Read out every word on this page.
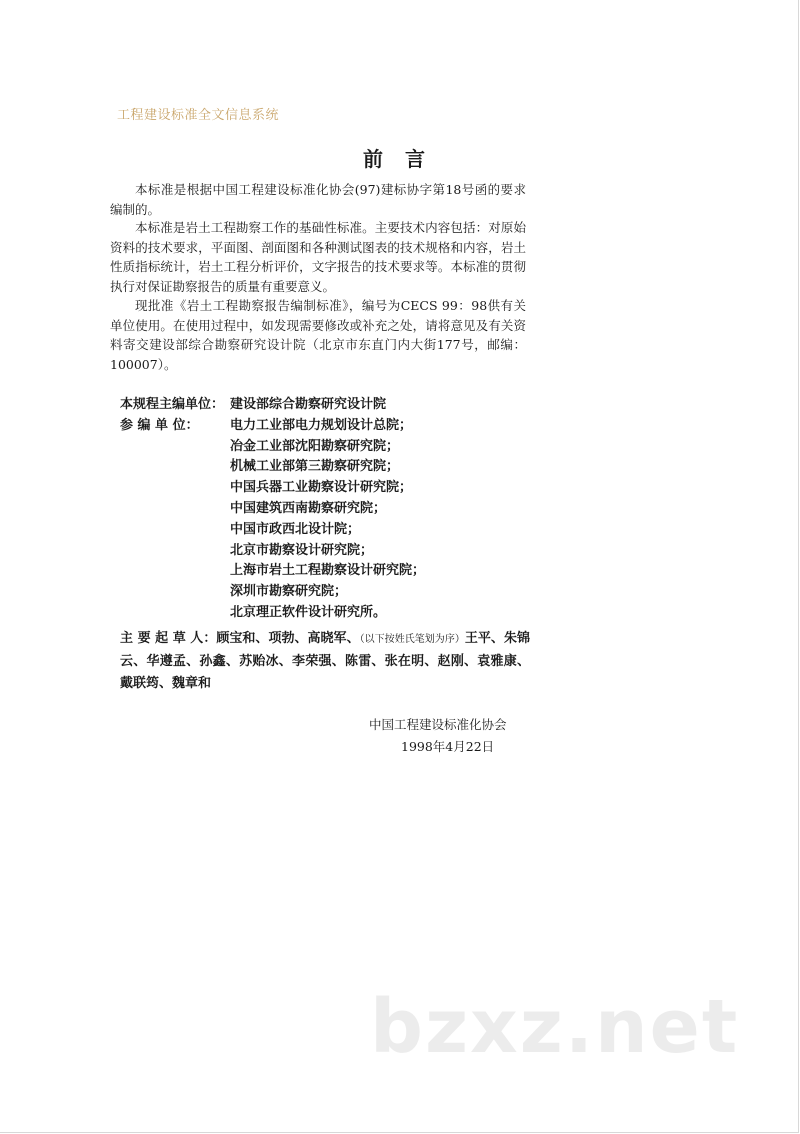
工程建设标准全文信息系统
前言

本标准是根据中国工程建设标准化协会(97)建标协字第18号函的要求编制的。

本标准是岩土工程勘察工作的基础性标准。主要技术内容包括：对原始资料的技术要求，平面图、剖面图和各种测试图表的技术规格和内容，岩土性质指标统计，岩土工程分析评价，文字报告的技术要求等。本标准的贯彻执行对保证勘察报告的质量有重要意义。

现批准《岩土工程勘察报告编制标准》，编号为CECS 99：98供有关单位使用。在使用过程中，如发现需要修改或补充之处，请将意见及有关资料寄交建设部综合勘察研究设计院（北京市东直门内大街177号，邮编：100007）。

本规程主编单位： 建设部综合勘察研究设计院
参 编 单 位： 电力工业部电力规划设计总院；
冶金工业部沈阳勘察研究院；
机械工业部第三勘察研究院；
中国兵器工业勘察设计研究院；
中国建筑西南勘察研究院；
中国市政西北设计院；
北京市勘察设计研究院；
上海市岩土工程勘察设计研究院；
深圳市勘察研究院；
北京理正软件设计研究所。
主 要 起 草 人：顾宝和、项勃、高晓军、（以下按姓氏笔划为序）王平、朱锦云、华遵孟、孙鑫、苏贻冰、李荣强、陈雷、张在明、赵刚、袁雅康、戴联筠、魏章和
中国工程建设标准化协会
1998年4月22日
bzxz.net
